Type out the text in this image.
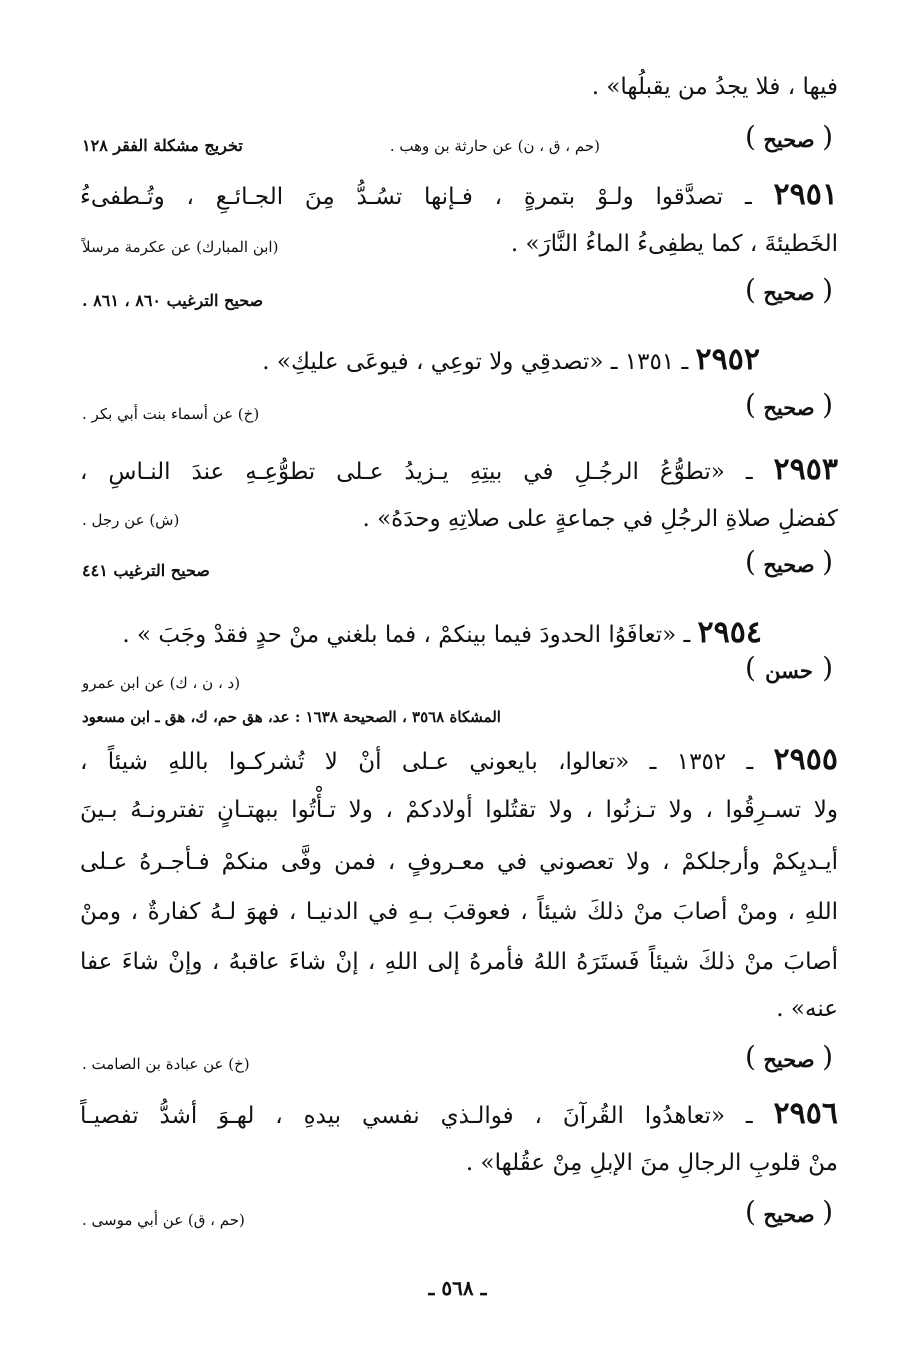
فيها ، فلا يجدُ من يقبلُها» .
( صحيح )
(حم ، ق ، ن) عن حارثة بن وهب .
تخريج مشكلة الفقر ١٢٨
٢٩٥١ ـ تصدَّقوا ولـوْ بتمرةٍ ، فـإنها تسُـدُّ مِنَ الجـائـعِ ، وتُـطفىءُ
الخَطيئةَ ، كما يطفِىءُ الماءُ النَّارَ» .
(ابن المبارك) عن عكرمة مرسلاً
( صحيح )
صحيح الترغيب ٨٦٠ ، ٨٦١ .
٢٩٥٢ ـ ١٣٥١ ـ «تصدقِي ولا توعِي ، فيوعَى عليكِ» .
( صحيح )
(خ) عن أسماء بنت أبي بكر .
٢٩٥٣ ـ «تطوُّعُ الرجُـلِ في بيتِهِ يـزيدُ عـلى تطوُّعِـهِ عندَ النـاسِ ،
كفضلِ صلاةِ الرجُلِ في جماعةٍ على صلاتِهِ وحدَهُ» .
(ش) عن رجل .
( صحيح )
صحيح الترغيب ٤٤١
٢٩٥٤ ـ «تعافَوُا الحدودَ فيما بينكمْ ، فما بلغني منْ حدٍ فقدْ وجَبَ » .
( حسن )
(د ، ن ، ك) عن ابن عمرو
المشكاة ٣٥٦٨ ، الصحيحة ١٦٣٨ : عد، هق حم، ك، هق ـ ابن مسعود
٢٩٥٥ ـ ١٣٥٢ ـ «تعالوا، بايعوني عـلى أنْ لا تُشركـوا باللهِ شيئاً ،
ولا تسـرِقُوا ، ولا تـزنُوا ، ولا تقتُلوا أولادكمْ ، ولا تـأْتُوا ببهتـانٍ تفترونـهُ بـينَ
أيـديِكمْ وأرجلكمْ ، ولا تعصوني في معـروفٍ ، فمن وفَّى منكمْ فـأجـرهُ عـلى
اللهِ ، ومنْ أصابَ منْ ذلكَ شيئاً ، فعوقبَ بـهِ في الدنيـا ، فهوَ لـهُ كفارةٌ ، ومنْ
أصابَ منْ ذلكَ شيئاً فَستَرَهُ اللهُ فأمرهُ إلى اللهِ ، إنْ شاءَ عاقبهُ ، وإنْ شاءَ عفا
عنه» .
( صحيح )
(خ) عن عبادة بن الصامت .
٢٩٥٦ ـ «تعاهدُوا القُرآنَ ، فوالـذي نفسي بيدهِ ، لهـوَ أشدُّ تفصيـاً
منْ قلوبِ الرجالِ منَ الإبلِ مِنْ عقُلها» .
( صحيح )
(حم ، ق) عن أبي موسى .
ـ ٥٦٨ ـ
